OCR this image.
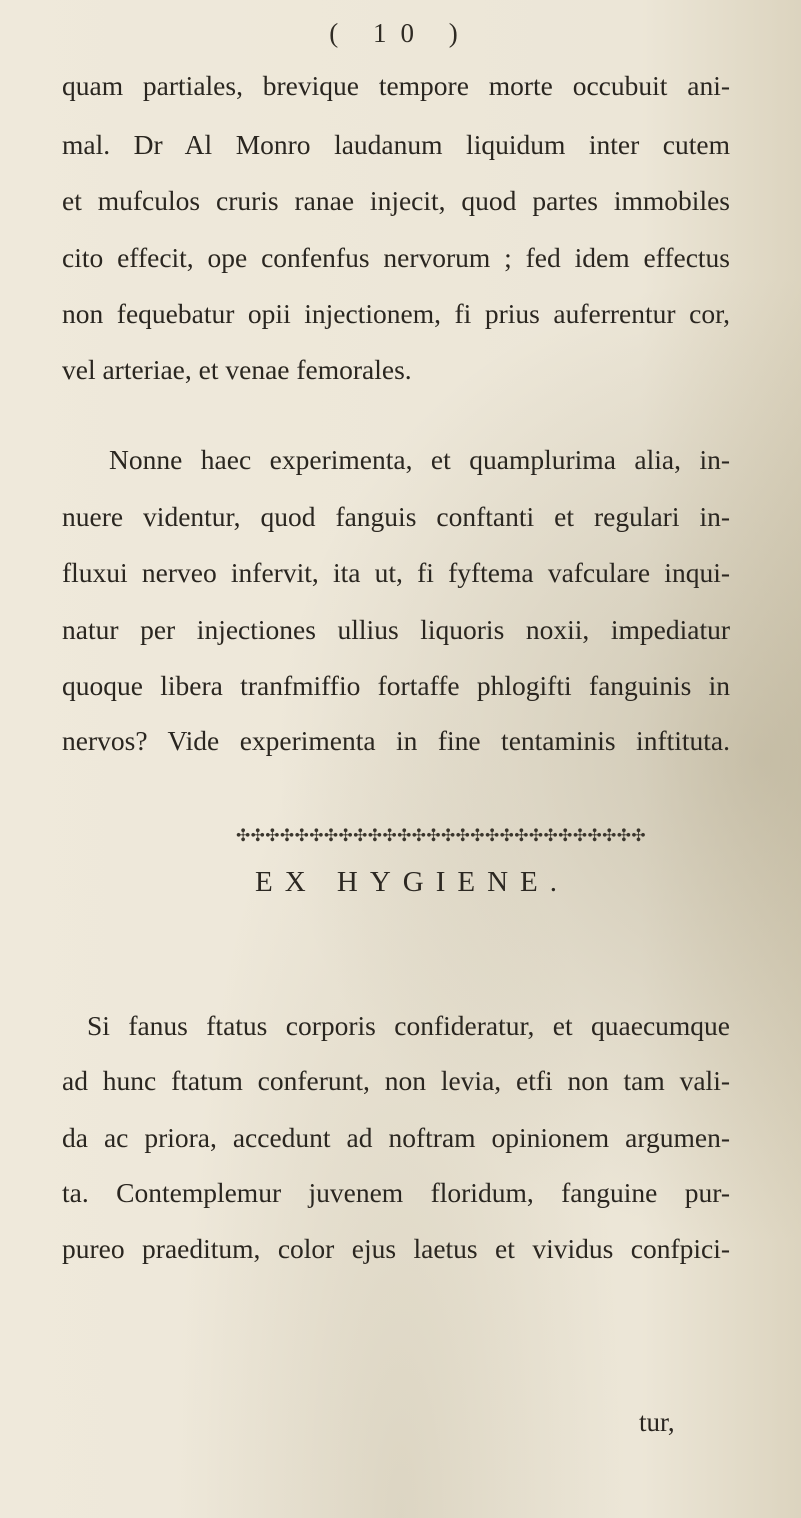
( 10 )
quam partiales, brevique tempore morte occubuit ani-
mal. Dr Al Monro laudanum liquidum inter cutem
et mufculos cruris ranae injecit, quod partes immobiles
cito effecit, ope confenfus nervorum ; fed idem effectus
non fequebatur opii injectionem, fi prius auferrentur cor,
vel arteriae, et venae femorales.
Nonne haec experimenta, et quamplurima alia, in-
nuere videntur, quod fanguis conftanti et regulari in-
fluxui nerveo infervit, ita ut, fi fyftema vafculare inqui-
natur per injectiones ullius liquoris noxii, impediatur
quoque libera tranfmiffio fortaffe phlogifti fanguinis in
nervos? Vide experimenta in fine tentaminis inftituta.
✣✣✣✣✣✣✣✣✣✣✣✣✣✣✣✣✣✣✣✣✣✣✣✣✣✣✣✣
EX HYGIENE.
Si fanus ftatus corporis confideratur, et quaecumque
ad hunc ftatum conferunt, non levia, etfi non tam vali-
da ac priora, accedunt ad noftram opinionem argumen-
ta. Contemplemur juvenem floridum, fanguine pur-
pureo praeditum, color ejus laetus et vividus confpici-
tur,
